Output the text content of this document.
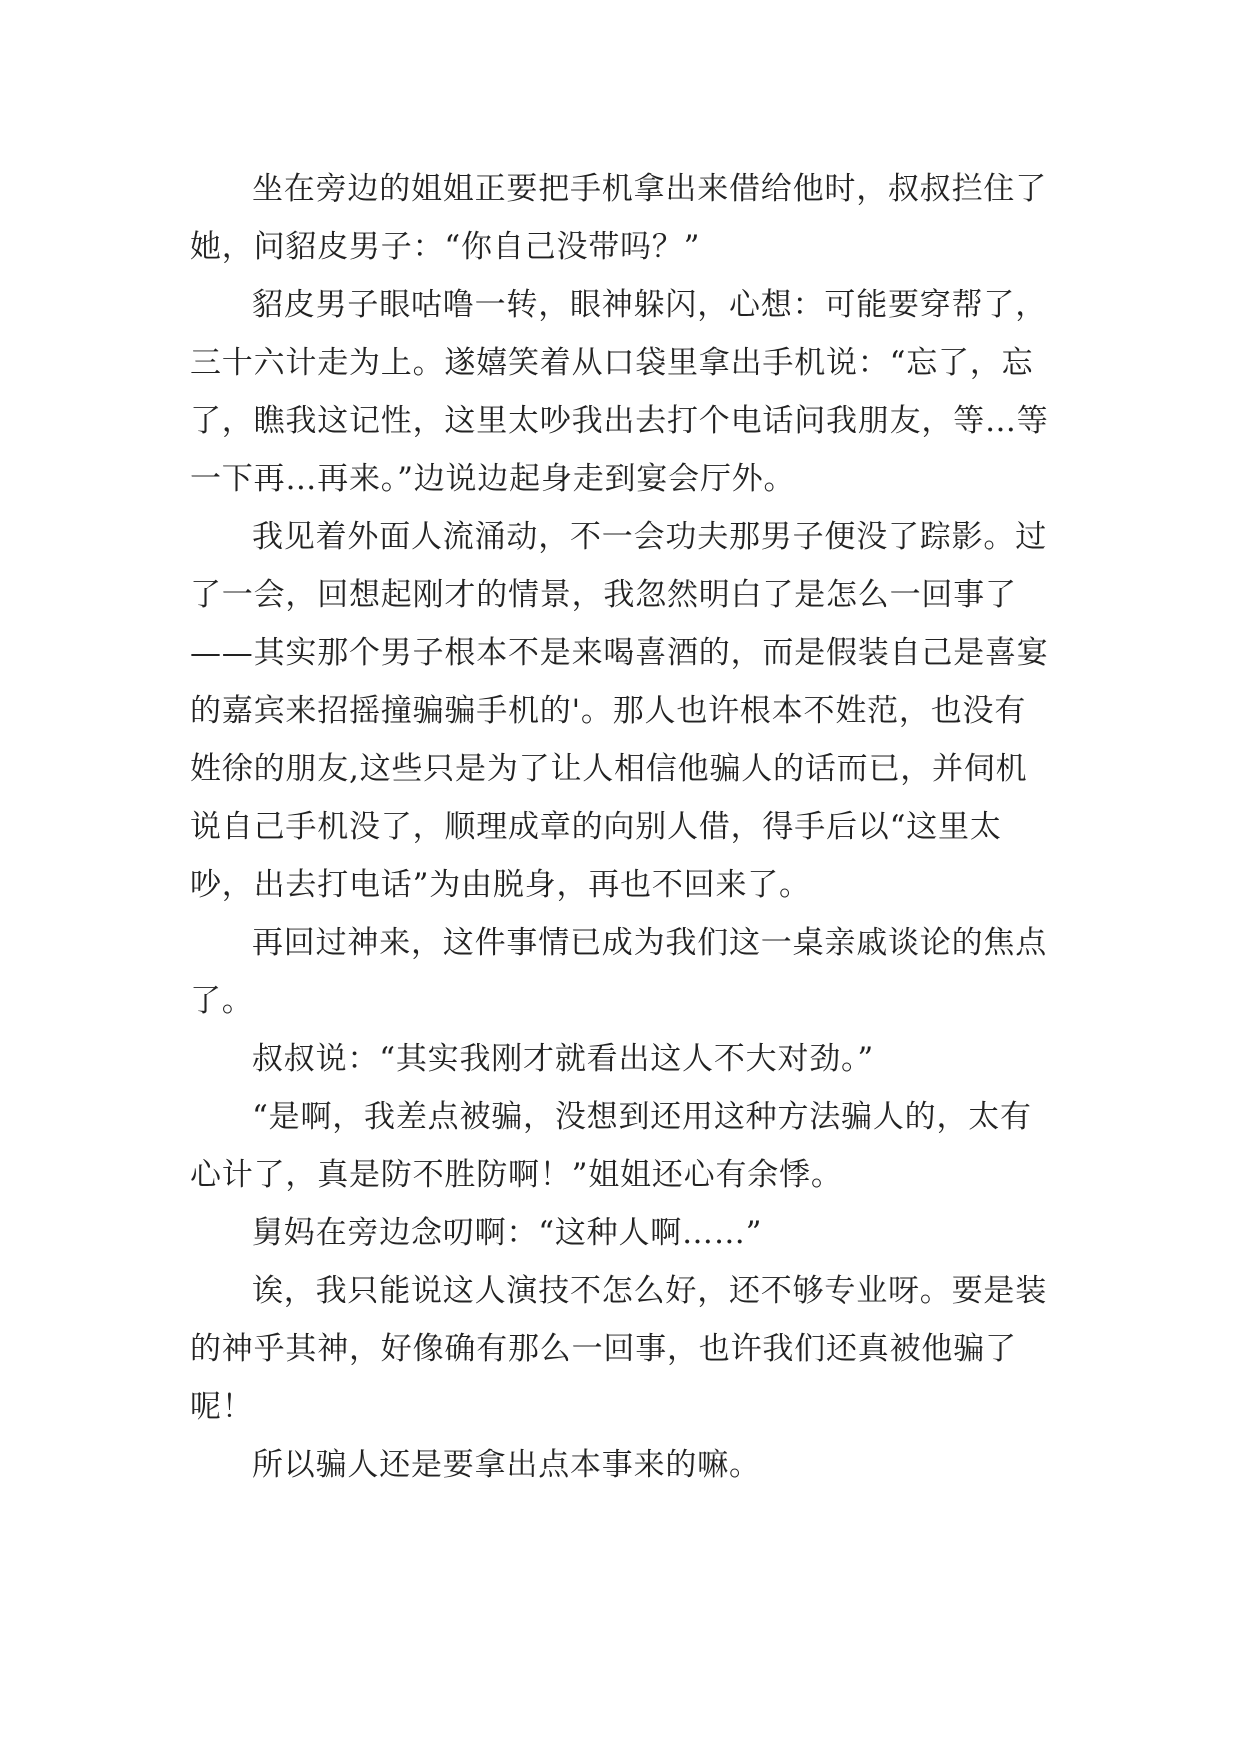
坐在旁边的姐姐正要把手机拿出来借给他时，叔叔拦住了她，问貂皮男子：“你自己没带吗？”

貂皮男子眼咕噜一转，眼神躲闪，心想：可能要穿帮了，三十六计走为上。遂嬉笑着从口袋里拿出手机说：“忘了，忘了，瞧我这记性，这里太吵我出去打个电话问我朋友，等…等一下再…再来。”边说边起身走到宴会厅外。

我见着外面人流涌动，不一会功夫那男子便没了踪影。过了一会，回想起刚才的情景，我忽然明白了是怎么一回事了——其实那个男子根本不是来喝喜酒的，而是假装自己是喜宴的嘉宾来招摇撞骗骗手机的'。那人也许根本不姓范，也没有姓徐的朋友,这些只是为了让人相信他骗人的话而已，并伺机说自己手机没了，顺理成章的向别人借，得手后以“这里太吵，出去打电话”为由脱身，再也不回来了。

再回过神来，这件事情已成为我们这一桌亲戚谈论的焦点了。

叔叔说：“其实我刚才就看出这人不大对劲。”

“是啊，我差点被骗，没想到还用这种方法骗人的，太有心计了，真是防不胜防啊！”姐姐还心有余悸。

舅妈在旁边念叨啊：“这种人啊……”

诶，我只能说这人演技不怎么好，还不够专业呀。要是装的神乎其神，好像确有那么一回事，也许我们还真被他骗了呢！

所以骗人还是要拿出点本事来的嘛。
